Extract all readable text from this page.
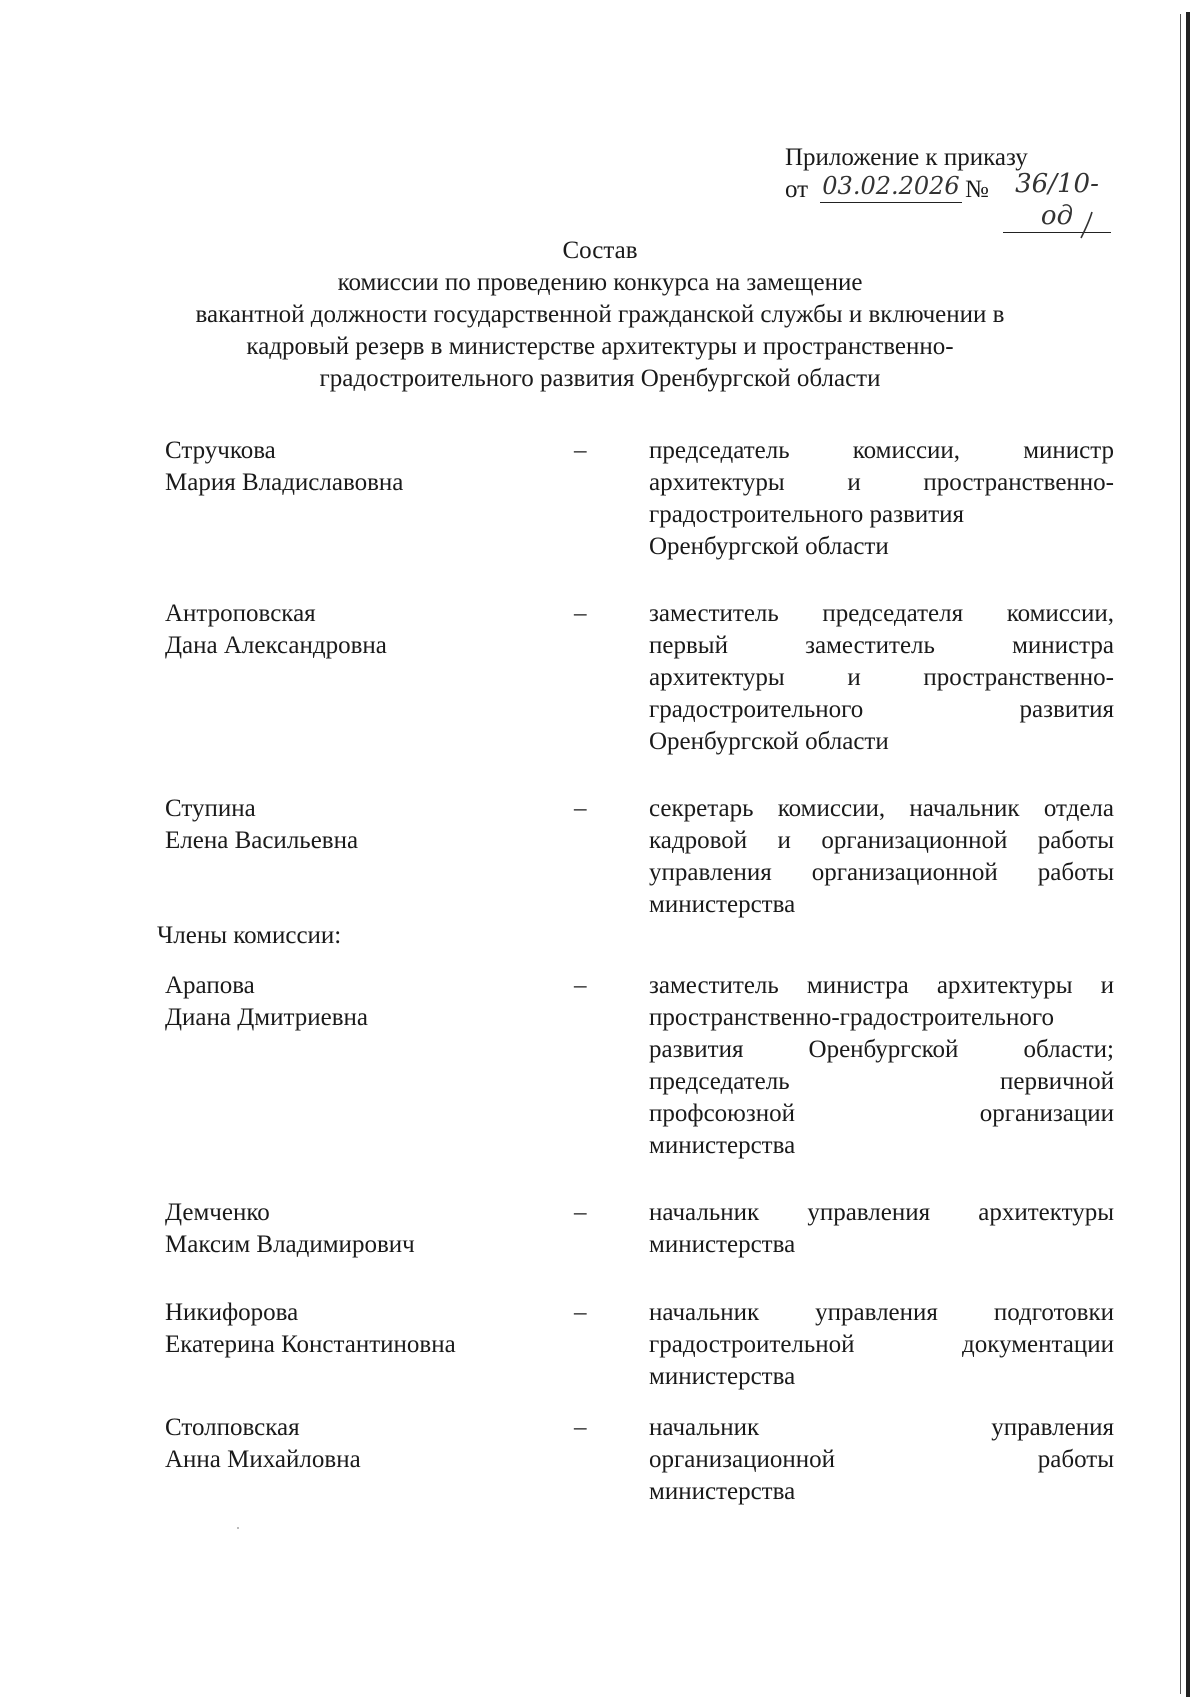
Приложение к приказу
от 03.02.2026 №	36/10-од
Состав
комиссии по проведению конкурса на замещение
вакантной должности государственной гражданской службы и включении в
кадровый резерв в министерстве архитектуры и пространственно-
градостроительного развития Оренбургской области
Стручкова
Мария Владиславовна
–	председатель комиссии, министр
архитектуры и пространственно-
градостроительного развития
Оренбургской области
Антроповская
Дана Александровна
–	заместитель председателя комиссии,
первый заместитель министра
архитектуры и пространственно-
градостроительного развития
Оренбургской области
Ступина
Елена Васильевна
–	секретарь комиссии, начальник отдела
кадровой и организационной работы
управления организационной работы
министерства
Члены комиссии:
Арапова
Диана Дмитриевна
–	заместитель министра архитектуры и
пространственно-градостроительного
развития Оренбургской области;
председатель первичной
профсоюзной организации
министерства
Демченко
Максим Владимирович
–	начальник управления архитектуры
министерства
Никифорова
Екатерина Константиновна
–	начальник управления подготовки
градостроительной документации
министерства
Столповская
Анна Михайловна
–	начальник управления
организационной работы
министерства
